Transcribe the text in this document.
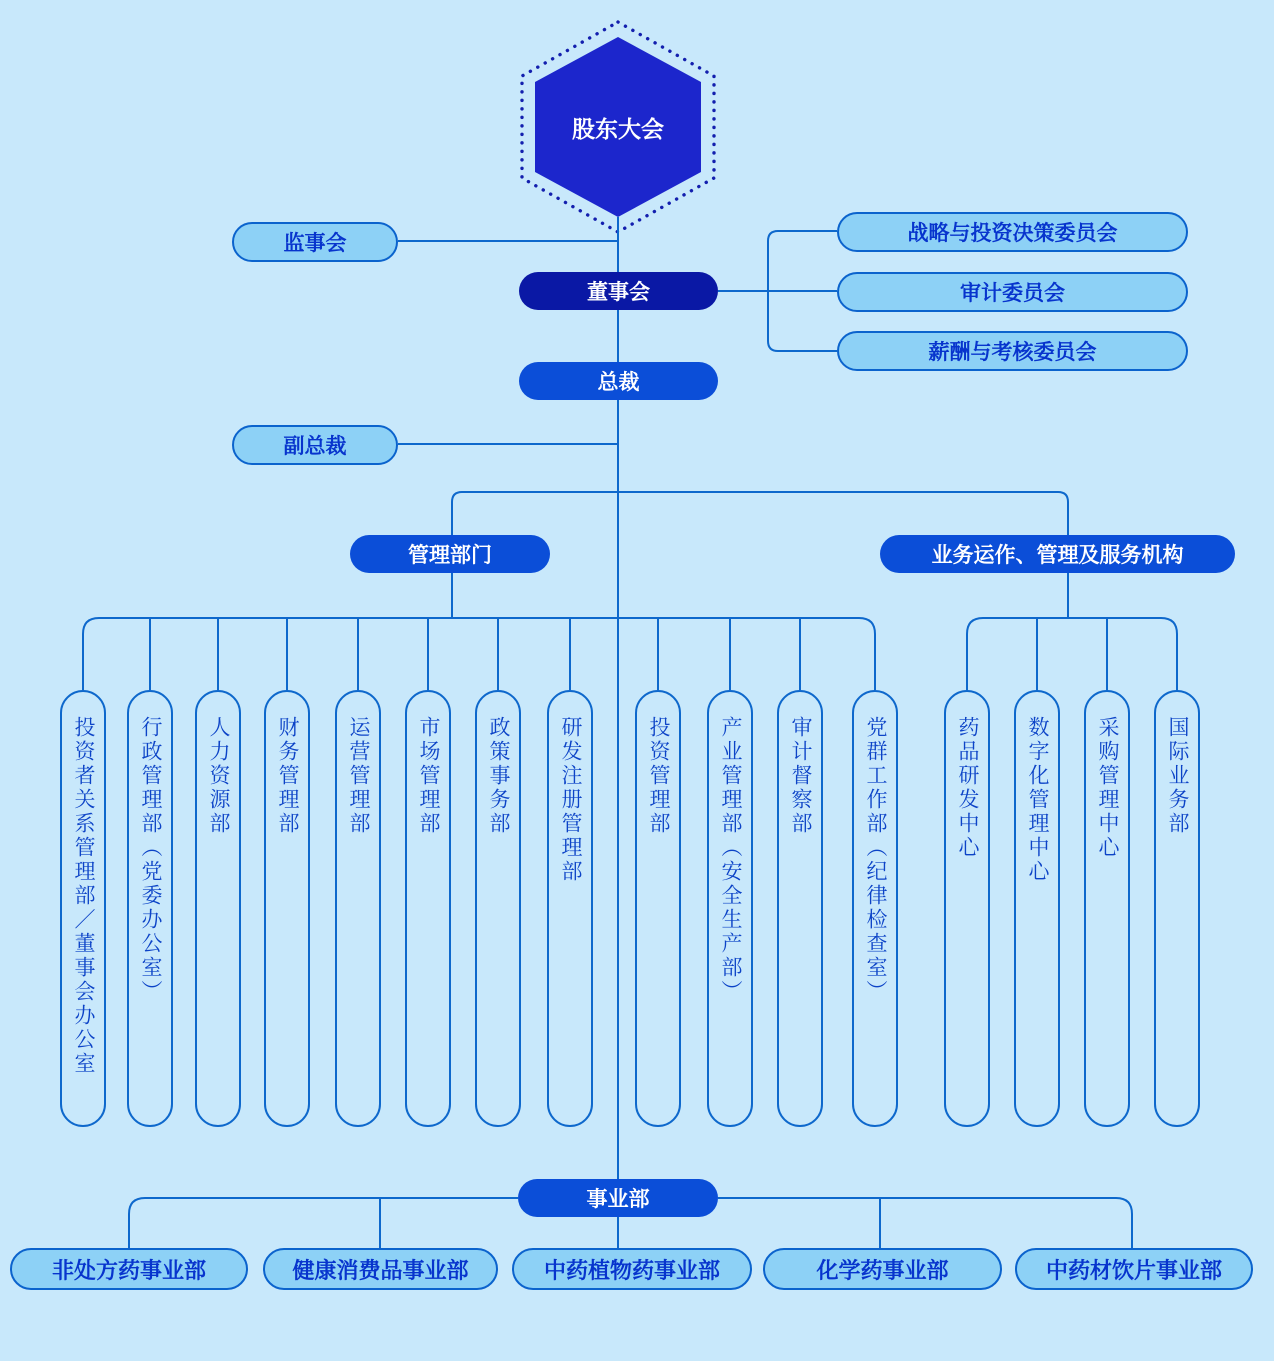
股东大会
监事会
董事会
战略与投资决策委员会
审计委员会
薪酬与考核委员会
总裁
副总裁
管理部门	业务运作、管理及服务机构
投资者关系管理部／董事会办公室	行政管理部（党委办公室）	人力资源部	财务管理部	运营管理部	市场管理部	政策事务部	研发注册管理部	投资管理部	产业管理部（安全生产部）	审计督察部	党群工作部（纪律检查室）	药品研发中心	数字化管理中心	采购管理中心	国际业务部
事业部
非处方药事业部	健康消费品事业部	中药植物药事业部	化学药事业部	中药材饮片事业部
